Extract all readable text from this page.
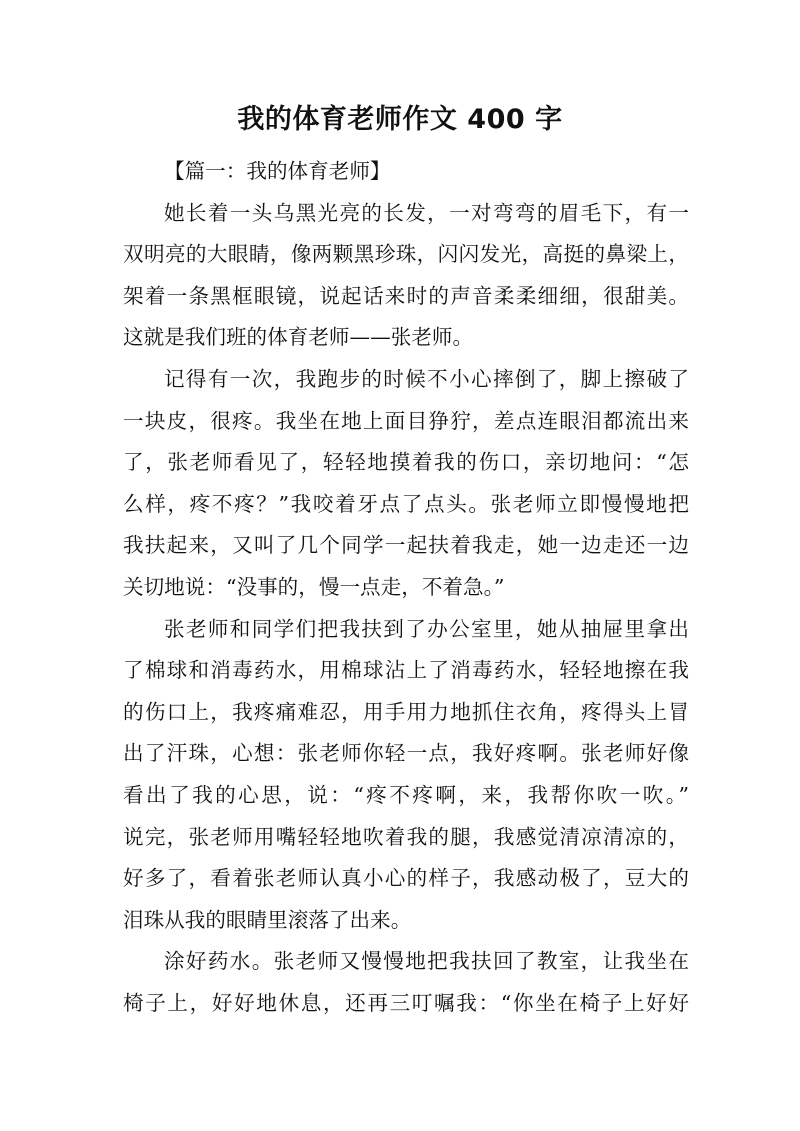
我的体育老师作文 400 字
【篇一：我的体育老师】
她长着一头乌黑光亮的长发，一对弯弯的眉毛下，有一
双明亮的大眼睛，像两颗黑珍珠，闪闪发光，高挺的鼻梁上，
架着一条黑框眼镜，说起话来时的声音柔柔细细，很甜美。
这就是我们班的体育老师——张老师。
记得有一次，我跑步的时候不小心摔倒了，脚上擦破了
一块皮，很疼。我坐在地上面目狰狞，差点连眼泪都流出来
了，张老师看见了，轻轻地摸着我的伤口，亲切地问：“怎
么样，疼不疼？”我咬着牙点了点头。张老师立即慢慢地把
我扶起来，又叫了几个同学一起扶着我走，她一边走还一边
关切地说：“没事的，慢一点走，不着急。”
张老师和同学们把我扶到了办公室里，她从抽屉里拿出
了棉球和消毒药水，用棉球沾上了消毒药水，轻轻地擦在我
的伤口上，我疼痛难忍，用手用力地抓住衣角，疼得头上冒
出了汗珠，心想：张老师你轻一点，我好疼啊。张老师好像
看出了我的心思，说：“疼不疼啊，来，我帮你吹一吹。”
说完，张老师用嘴轻轻地吹着我的腿，我感觉清凉清凉的，
好多了，看着张老师认真小心的样子，我感动极了，豆大的
泪珠从我的眼睛里滚落了出来。
涂好药水。张老师又慢慢地把我扶回了教室，让我坐在
椅子上，好好地休息，还再三叮嘱我：“你坐在椅子上好好
